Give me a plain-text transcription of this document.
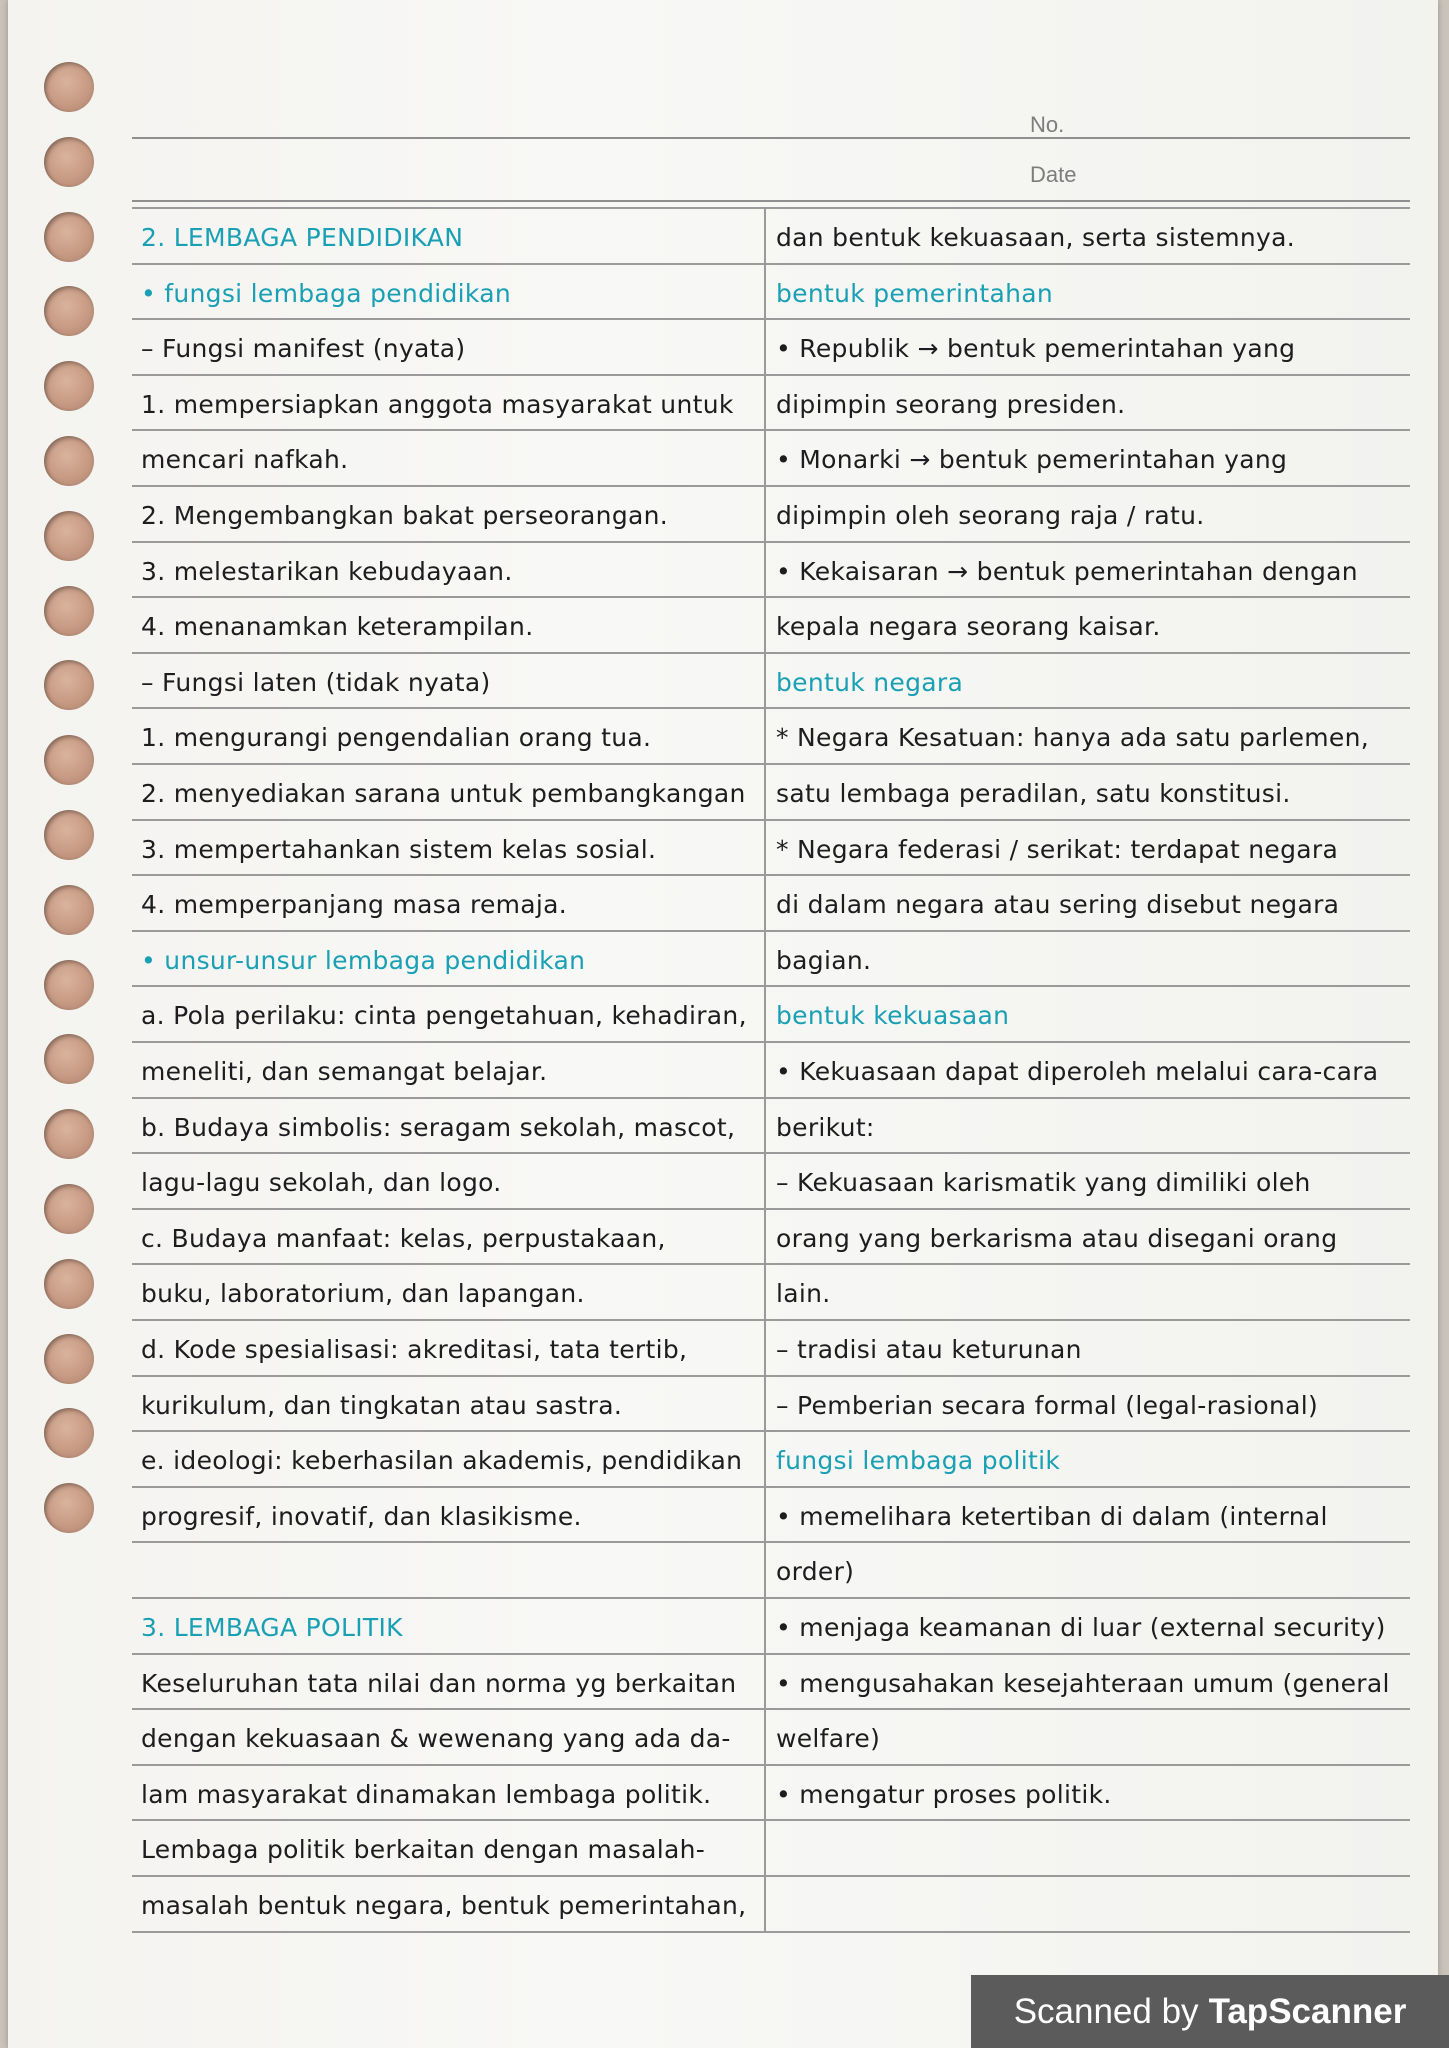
No.
Date
2. LEMBAGA PENDIDIKAN
• fungsi lembaga pendidikan
– Fungsi manifest (nyata)
1. mempersiapkan anggota masyarakat untuk
mencari nafkah.
2. Mengembangkan bakat perseorangan.
3. melestarikan kebudayaan.
4. menanamkan keterampilan.
– Fungsi laten (tidak nyata)
1. mengurangi pengendalian orang tua.
2. menyediakan sarana untuk pembangkangan
3. mempertahankan sistem kelas sosial.
4. memperpanjang masa remaja.
• unsur-unsur lembaga pendidikan
a. Pola perilaku: cinta pengetahuan, kehadiran,
meneliti, dan semangat belajar.
b. Budaya simbolis: seragam sekolah, mascot,
lagu-lagu sekolah, dan logo.
c. Budaya manfaat: kelas, perpustakaan,
buku, laboratorium, dan lapangan.
d. Kode spesialisasi: akreditasi, tata tertib,
kurikulum, dan tingkatan atau sastra.
e. ideologi: keberhasilan akademis, pendidikan
progresif, inovatif, dan klasikisme.
3. LEMBAGA POLITIK
Keseluruhan tata nilai dan norma yg berkaitan
dengan kekuasaan & wewenang yang ada da-
lam masyarakat dinamakan lembaga politik.
Lembaga politik berkaitan dengan masalah-
masalah bentuk negara, bentuk pemerintahan,
dan bentuk kekuasaan, serta sistemnya.
bentuk pemerintahan
• Republik → bentuk pemerintahan yang
dipimpin seorang presiden.
• Monarki → bentuk pemerintahan yang
dipimpin oleh seorang raja / ratu.
• Kekaisaran → bentuk pemerintahan dengan
kepala negara seorang kaisar.
bentuk negara
* Negara Kesatuan: hanya ada satu parlemen,
satu lembaga peradilan, satu konstitusi.
* Negara federasi / serikat: terdapat negara
di dalam negara atau sering disebut negara
bagian.
bentuk kekuasaan
• Kekuasaan dapat diperoleh melalui cara-cara
berikut:
– Kekuasaan karismatik yang dimiliki oleh
orang yang berkarisma atau disegani orang
lain.
– tradisi atau keturunan
– Pemberian secara formal (legal-rasional)
fungsi lembaga politik
• memelihara ketertiban di dalam (internal
order)
• menjaga keamanan di luar (external security)
• mengusahakan kesejahteraan umum (general
welfare)
• mengatur proses politik.
Scanned by TapScanner
